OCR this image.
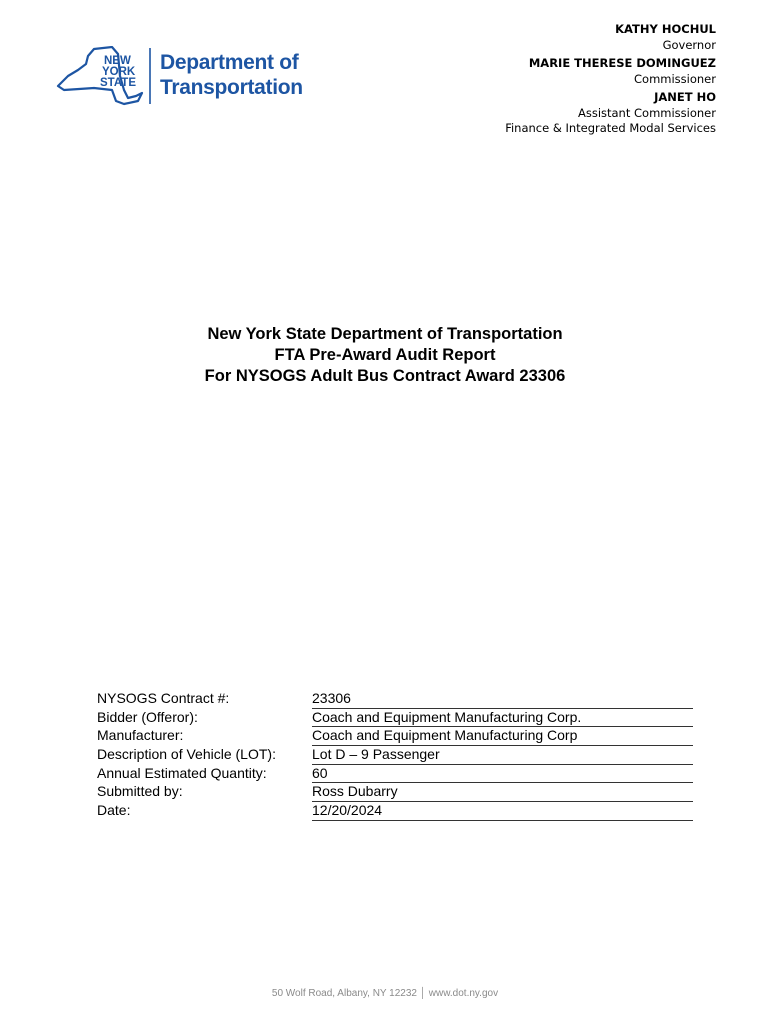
NEW
YORK
STATE
Department of
Transportation
KATHY HOCHUL
Governor
MARIE THERESE DOMINGUEZ
Commissioner
JANET HO
Assistant Commissioner
Finance & Integrated Modal Services
New York State Department of Transportation
FTA Pre-Award Audit Report
For NYSOGS Adult Bus Contract Award 23306
NYSOGS Contract #:	23306
Bidder (Offeror):	Coach and Equipment Manufacturing Corp.
Manufacturer:	Coach and Equipment Manufacturing Corp
Description of Vehicle (LOT):	Lot D – 9 Passenger
Annual Estimated Quantity:	60
Submitted by:	Ross Dubarry
Date:	12/20/2024
50 Wolf Road, Albany, NY 12232 │ www.dot.ny.gov
